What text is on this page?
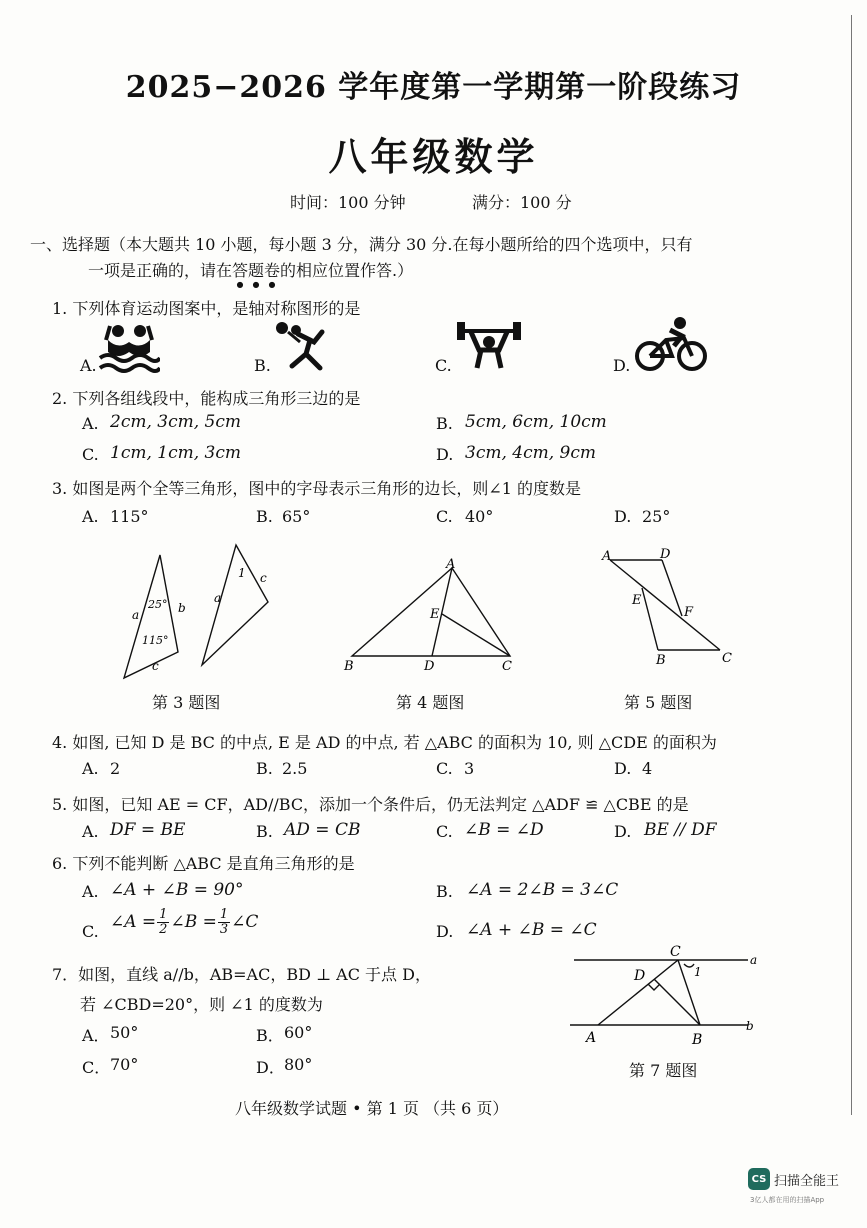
2025−2026 学年度第一学期第一阶段练习
八年级数学
时间：100 分钟	满分：100 分
一、选择题（本大题共 10 小题，每小题 3 分，满分 30 分.在每小题所给的四个选项中，只有
一项是正确的，请在答题卷的相应位置作答.）
1. 下列体育运动图案中，是轴对称图形的是
A.	B.	C.	D.
2. 下列各组线段中，能构成三角形三边的是
A. 2cm, 3cm, 5cm	B. 5cm, 6cm, 10cm
C. 1cm, 1cm, 3cm	D. 3cm, 4cm, 9cm
3. 如图是两个全等三角形，图中的字母表示三角形的边长，则∠1 的度数是
A. 115°	B. 65°	C. 40°	D. 25°
a
25° b
115°
c
1 c
a
第 3 题图
A
E
B	D	C
第 4 题图
A	D
E
F
B	C
第 5 题图
4. 如图, 已知 D 是 BC 的中点, E 是 AD 的中点, 若 △ABC 的面积为 10, 则 △CDE 的面积为
A. 2	B. 2.5	C. 3	D. 4
5. 如图，已知 AE = CF，AD//BC，添加一个条件后，仍无法判定 △ADF ≌ △CBE 的是
A. DF = BE	B. AD = CB	C. ∠B = ∠D	D. BE // DF
6. 下列不能判断 △ABC 是直角三角形的是
A. ∠A + ∠B = 90°	B. ∠A = 2∠B = 3∠C
C. ∠A = $\frac{1}{2}$ ∠B = $\frac{1}{3}$ ∠C	D. ∠A + ∠B = ∠C
7．如图，直线 a//b，AB=AC，BD ⊥ AC 于点 D，
若 ∠CBD=20°，则 ∠1 的度数为
A． 50°	B． 60°
C． 70°	D． 80°
C	a
D	1
A	B
b
第 7 题图
八年级数学试题 • 第 1 页 （共 6 页）
CS 扫描全能王
3亿人都在用的扫描App
